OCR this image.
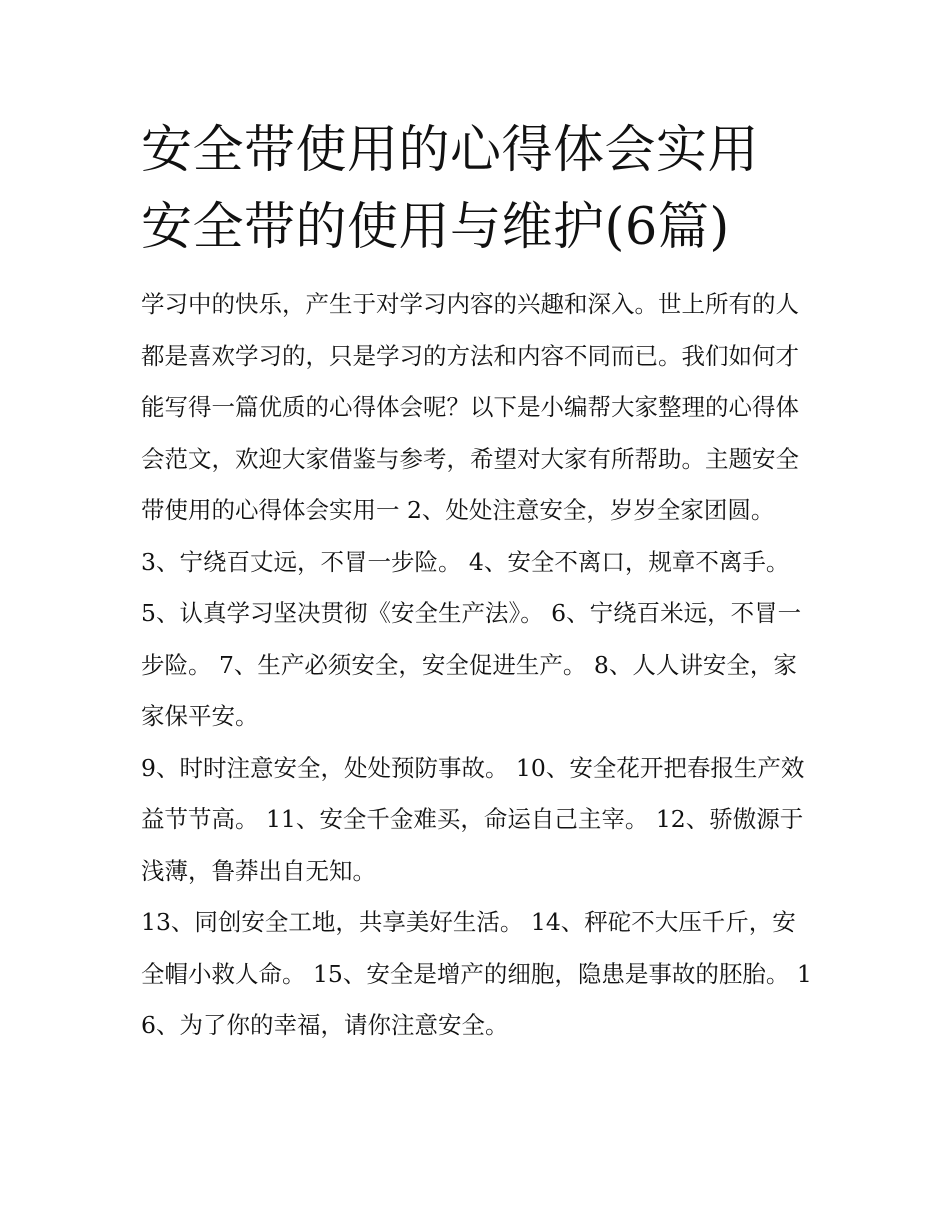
安全带使用的心得体会实用 安全带的使用与维护(6篇)

学习中的快乐，产生于对学习内容的兴趣和深入。世上所有的人都是喜欢学习的，只是学习的方法和内容不同而已。我们如何才能写得一篇优质的心得体会呢？以下是小编帮大家整理的心得体会范文，欢迎大家借鉴与参考，希望对大家有所帮助。主题安全带使用的心得体会实用一 2、处处注意安全，岁岁全家团圆。 3、宁绕百丈远，不冒一步险。 4、安全不离口，规章不离手。

5、认真学习坚决贯彻《安全生产法》。 6、宁绕百米远，不冒一步险。 7、生产必须安全，安全促进生产。 8、人人讲安全，家家保平安。

9、时时注意安全，处处预防事故。 10、安全花开把春报生产效益节节高。 11、安全千金难买，命运自己主宰。 12、骄傲源于浅薄，鲁莽出自无知。

13、同创安全工地，共享美好生活。 14、秤砣不大压千斤，安全帽小救人命。 15、安全是增产的细胞，隐患是事故的胚胎。 16、为了你的幸福，请你注意安全。
